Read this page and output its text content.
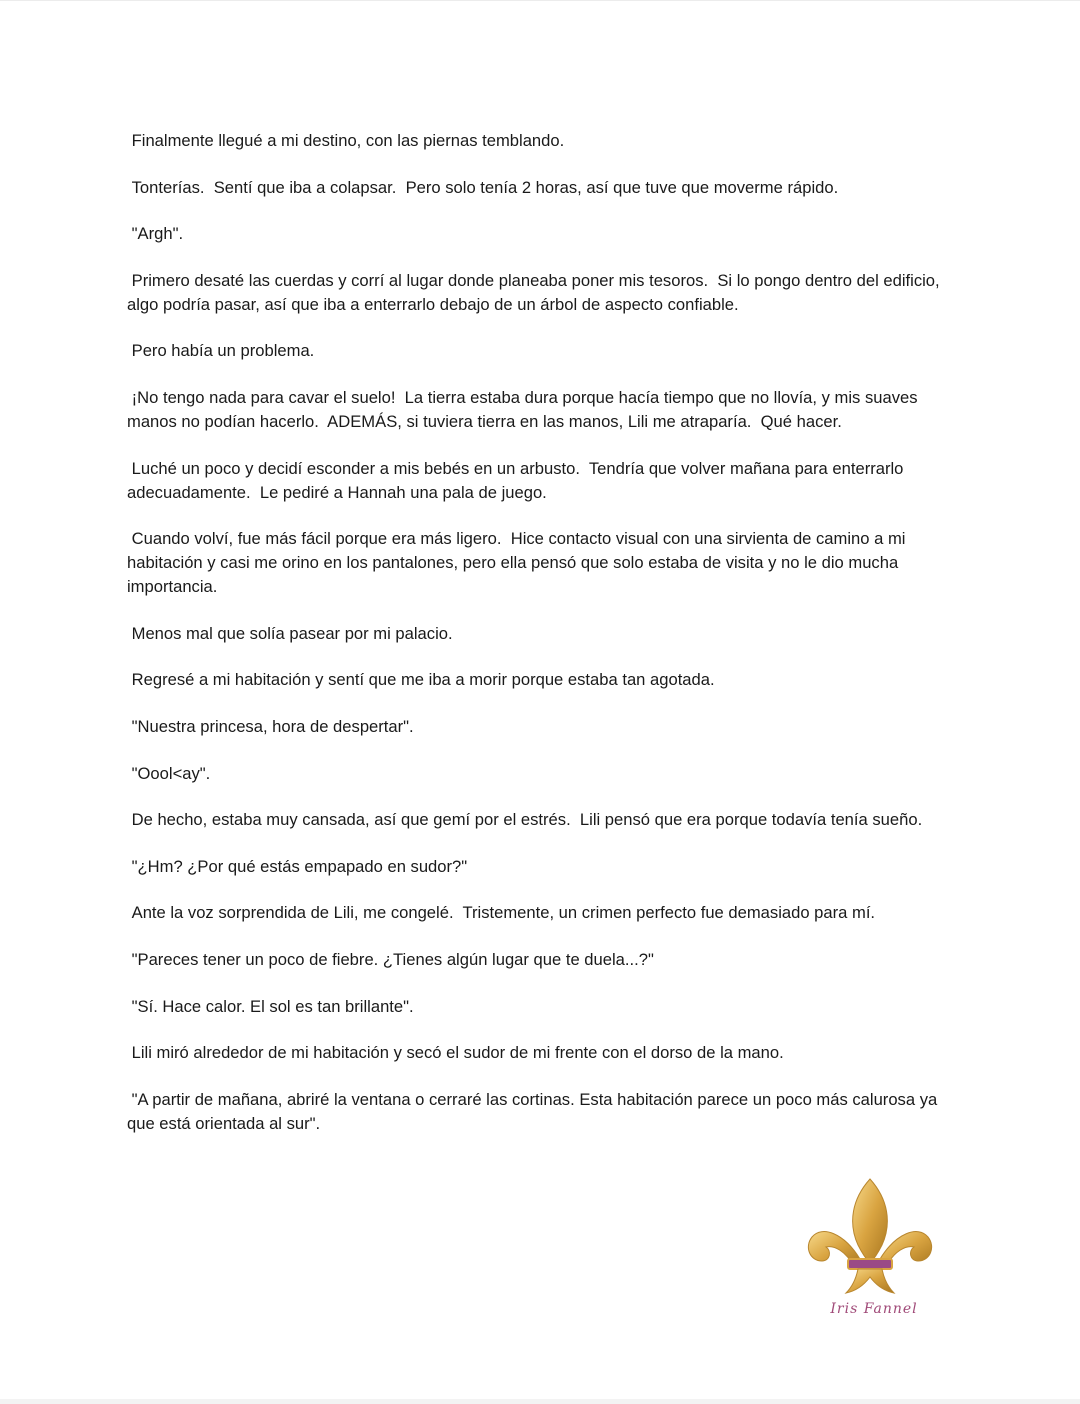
Finalmente llegué a mi destino, con las piernas temblando.

Tonterías.  Sentí que iba a colapsar.  Pero solo tenía 2 horas, así que tuve que moverme rápido.

"Argh".

Primero desaté las cuerdas y corrí al lugar donde planeaba poner mis tesoros.  Si lo pongo dentro del edificio, algo podría pasar, así que iba a enterrarlo debajo de un árbol de aspecto confiable.

Pero había un problema.

¡No tengo nada para cavar el suelo!  La tierra estaba dura porque hacía tiempo que no llovía, y mis suaves manos no podían hacerlo.  ADEMÁS, si tuviera tierra en las manos, Lili me atraparía.  Qué hacer.

Luché un poco y decidí esconder a mis bebés en un arbusto.  Tendría que volver mañana para enterrarlo adecuadamente.  Le pediré a Hannah una pala de juego.

Cuando volví, fue más fácil porque era más ligero.  Hice contacto visual con una sirvienta de camino a mi habitación y casi me orino en los pantalones, pero ella pensó que solo estaba de visita y no le dio mucha importancia.

Menos mal que solía pasear por mi palacio.

Regresé a mi habitación y sentí que me iba a morir porque estaba tan agotada.

"Nuestra princesa, hora de despertar".

"Oool<ay".

De hecho, estaba muy cansada, así que gemí por el estrés.  Lili pensó que era porque todavía tenía sueño.

"¿Hm? ¿Por qué estás empapado en sudor?"

Ante la voz sorprendida de Lili, me congelé.  Tristemente, un crimen perfecto fue demasiado para mí.

"Pareces tener un poco de fiebre. ¿Tienes algún lugar que te duela...?"

"Sí. Hace calor. El sol es tan brillante".

Lili miró alrededor de mi habitación y secó el sudor de mi frente con el dorso de la mano.

"A partir de mañana, abriré la ventana o cerraré las cortinas. Esta habitación parece un poco más calurosa ya que está orientada al sur".

Iris Fannel
